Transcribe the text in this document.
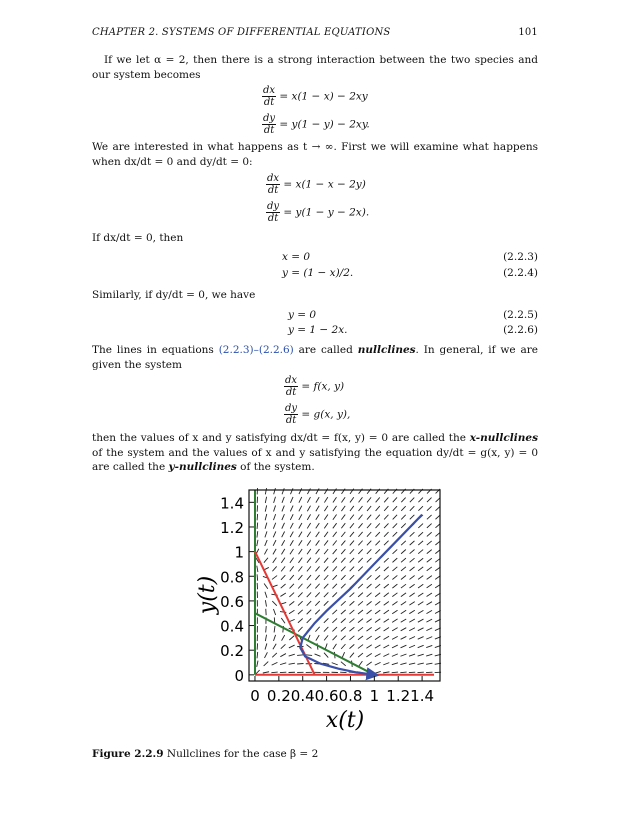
CHAPTER 2. SYSTEMS OF DIFFERENTIAL EQUATIONS	101
If we let α = 2, then there is a strong interaction between the two species and our system becomes
$\frac{dx}{dt} = x(1 - x) - 2xy$
$\frac{dy}{dt} = y(1 - y) - 2xy$.
We are interested in what happens as t → ∞. First we will examine what happens when dx/dt = 0 and dy/dt = 0:
$\frac{dx}{dt} = x(1 - x - 2y)$
$\frac{dy}{dt} = y(1 - y - 2x)$.
If dx/dt = 0, then
x = 0	(2.2.3)
y = (1 − x)/2.	(2.2.4)
Similarly, if dy/dt = 0, we have
y = 0	(2.2.5)
y = 1 − 2x.	(2.2.6)
The lines in equations (2.2.3)–(2.2.6) are called nullclines. In general, if we are given the system
$\frac{dx}{dt} = f(x$, y)
$\frac{dy}{dt} = g(x$, y),
then the values of x and y satisfying dx/dt = f(x, y) = 0 are called the x-nullclines of the system and the values of x and y satisfying the equation dy/dt = g(x, y) = 0 are called the y-nullclines of the system.
0 0.2 0.4 0.6 0.8 1 1.2 1.4
0
0.2
0.4
0.6
0.8
1
1.2
1.4
x(t)
y(t)
Figure 2.2.9 Nullclines for the case β = 2
